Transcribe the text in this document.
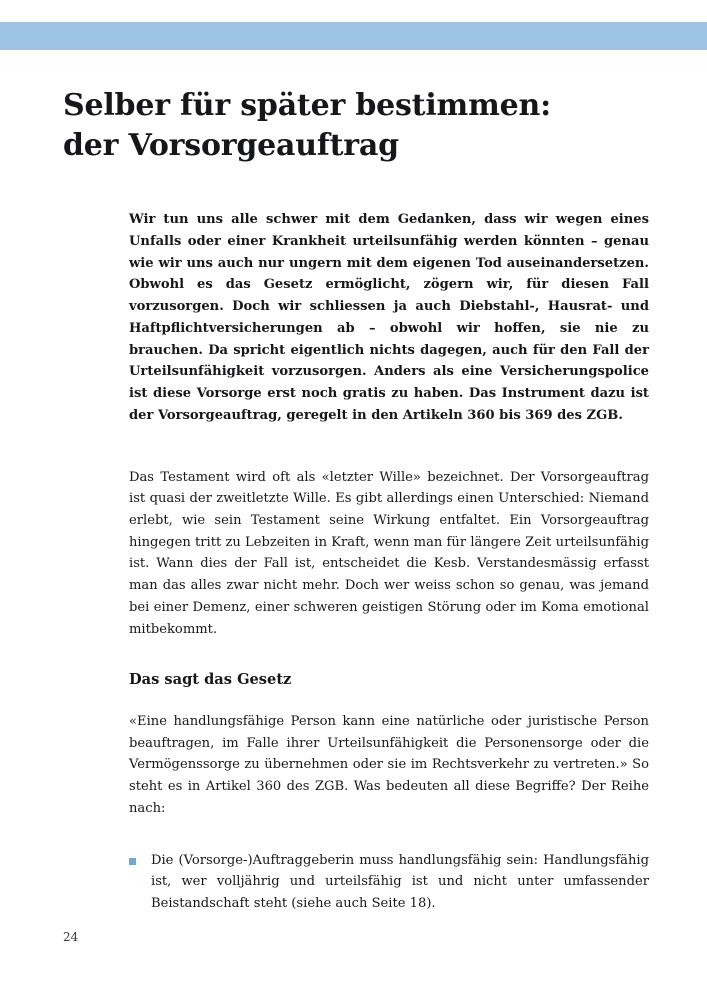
Selber für später bestimmen:
der Vorsorgeauftrag

Wir tun uns alle schwer mit dem Gedanken, dass wir wegen eines Unfalls oder einer Krankheit urteilsunfähig werden könnten – genau wie wir uns auch nur ungern mit dem eigenen Tod auseinandersetzen. Obwohl es das Gesetz ermöglicht, zögern wir, für diesen Fall vorzusorgen. Doch wir schliessen ja auch Diebstahl-, Hausrat- und Haftpflichtversicherungen ab – obwohl wir hoffen, sie nie zu brauchen. Da spricht eigentlich nichts dagegen, auch für den Fall der Urteilsunfähigkeit vorzusorgen. Anders als eine Versicherungspolice ist diese Vorsorge erst noch gratis zu haben. Das Instrument dazu ist der Vorsorgeauftrag, geregelt in den Artikeln 360 bis 369 des ZGB.

Das Testament wird oft als «letzter Wille» bezeichnet. Der Vorsorgeauftrag ist quasi der zweitletzte Wille. Es gibt allerdings einen Unterschied: Niemand erlebt, wie sein Testament seine Wirkung entfaltet. Ein Vorsorgeauftrag hingegen tritt zu Lebzeiten in Kraft, wenn man für längere Zeit urteilsunfähig ist. Wann dies der Fall ist, entscheidet die Kesb. Verstandesmässig erfasst man das alles zwar nicht mehr. Doch wer weiss schon so genau, was jemand bei einer Demenz, einer schweren geistigen Störung oder im Koma emotional mitbekommt.

Das sagt das Gesetz

«Eine handlungsfähige Person kann eine natürliche oder juristische Person beauftragen, im Falle ihrer Urteilsunfähigkeit die Personensorge oder die Vermögenssorge zu übernehmen oder sie im Rechtsverkehr zu vertreten.» So steht es in Artikel 360 des ZGB. Was bedeuten all diese Begriffe? Der Reihe nach:

Die (Vorsorge-)Auftraggeberin muss handlungsfähig sein: Handlungsfähig ist, wer volljährig und urteilsfähig ist und nicht unter umfassender Beistandschaft steht (siehe auch Seite 18).
24
